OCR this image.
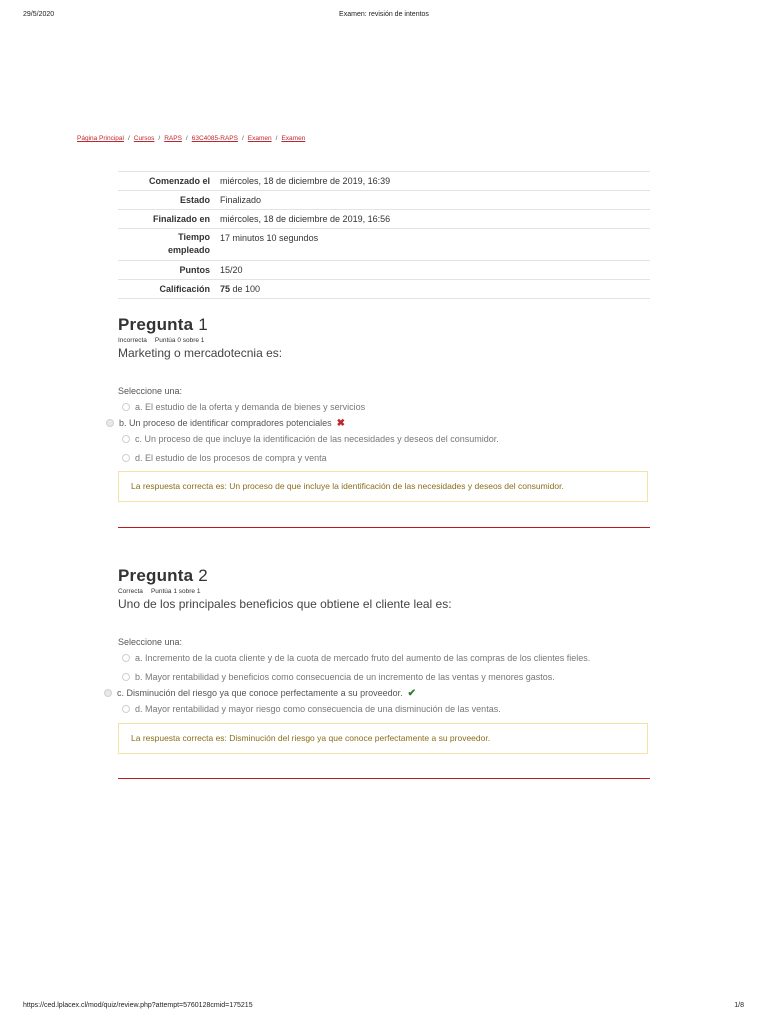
29/5/2020	Examen: revisión de intentos
Página Principal / Cursos / RAPS / 63C4085-RAPS / Examen / Examen
Comenzado el	miércoles, 18 de diciembre de 2019, 16:39
Estado	Finalizado
Finalizado en	miércoles, 18 de diciembre de 2019, 16:56
Tiempo
empleado	17 minutos 10 segundos
Puntos	15/20
Calificación	75 de 100
Pregunta 1
Incorrecta Puntúa 0 sobre 1
Marketing o mercadotecnia es:
Seleccione una:
a. El estudio de la oferta y demanda de bienes y servicios
b. Un proceso de identificar compradores potenciales ✖
c. Un proceso de que incluye la identificación de las necesidades y deseos del consumidor.
d. El estudio de los procesos de compra y venta
La respuesta correcta es: Un proceso de que incluye la identificación de las necesidades y deseos del consumidor.
Pregunta 2
Correcta Puntúa 1 sobre 1
Uno de los principales beneficios que obtiene el cliente leal es:
Seleccione una:
a. Incremento de la cuota cliente y de la cuota de mercado fruto del aumento de las compras de los clientes fieles.
b. Mayor rentabilidad y beneficios como consecuencia de un incremento de las ventas y menores gastos.
c. Disminución del riesgo ya que conoce perfectamente a su proveedor. ✔
d. Mayor rentabilidad y mayor riesgo como consecuencia de una disminución de las ventas.
La respuesta correcta es: Disminución del riesgo ya que conoce perfectamente a su proveedor.
https://ced.lplacex.cl/mod/quiz/review.php?attempt=5760128cmid=175215	1/8
